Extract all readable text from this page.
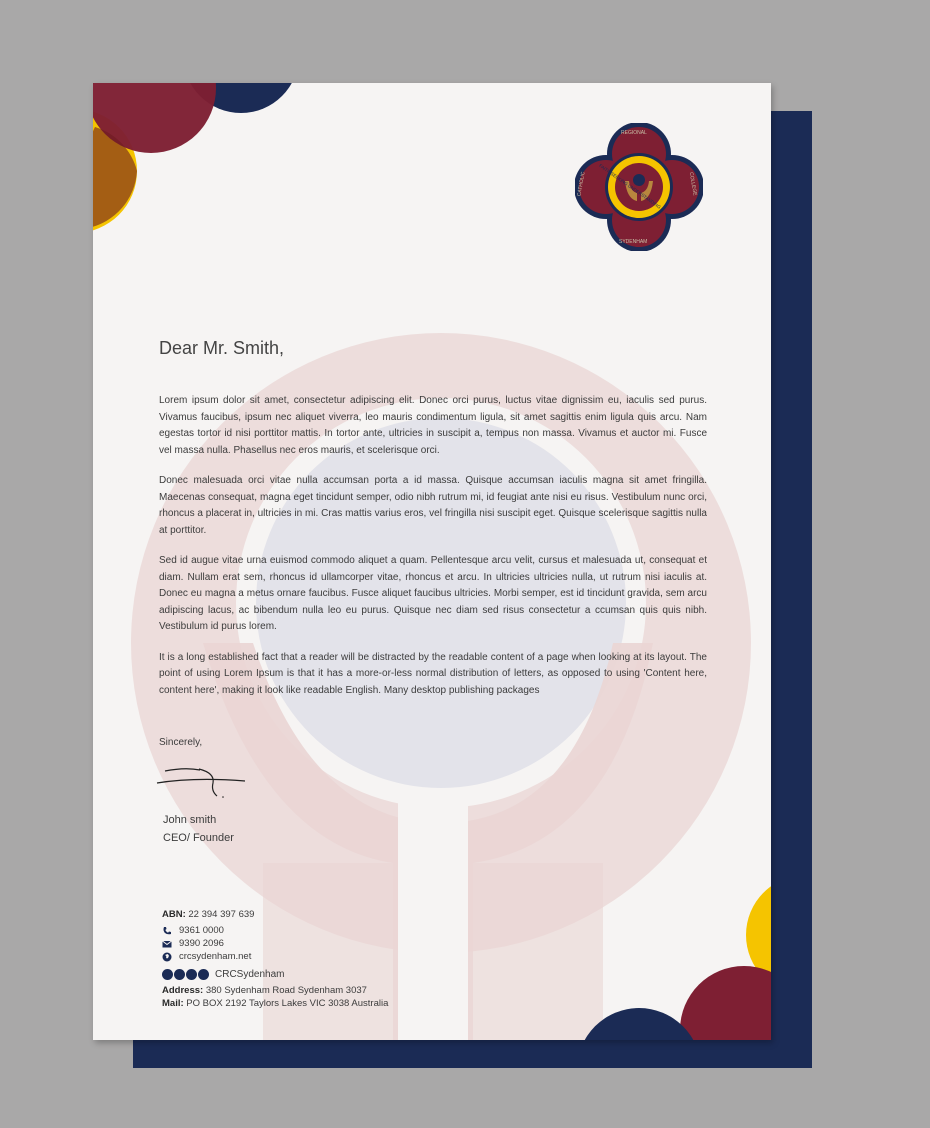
REGIONAL
CATHOLIC	COLLEGE
SYDENHAM
FAITH SEEKING UNDERSTANDING
Dear Mr. Smith,

Lorem ipsum dolor sit amet, consectetur adipiscing elit. Donec orci purus, luctus vitae dignissim eu, iaculis sed purus. Vivamus faucibus, ipsum nec aliquet viverra, leo mauris condimentum ligula, sit amet sagittis enim ligula quis arcu. Nam egestas tortor id nisi porttitor mattis. In tortor ante, ultricies in suscipit a, tempus non massa. Vivamus et auctor mi. Fusce vel massa nulla. Phasellus nec eros mauris, et scelerisque orci.

Donec malesuada orci vitae nulla accumsan porta a id massa. Quisque accumsan iaculis magna sit amet fringilla. Maecenas consequat, magna eget tincidunt semper, odio nibh rutrum mi, id feugiat ante nisi eu risus. Vestibulum nunc orci, rhoncus a placerat in, ultricies in mi. Cras mattis varius eros, vel fringilla nisi suscipit eget. Quisque scelerisque sagittis nulla at porttitor.

Sed id augue vitae urna euismod commodo aliquet a quam. Pellentesque arcu velit, cursus et malesuada ut, consequat et diam. Nullam erat sem, rhoncus id ullamcorper vitae, rhoncus et arcu. In ultricies ultricies nulla, ut rutrum nisi iaculis at. Donec eu magna a metus ornare faucibus. Fusce aliquet faucibus ultricies. Morbi semper, est id tincidunt gravida, sem arcu adipiscing lacus, ac bibendum nulla leo eu purus. Quisque nec diam sed risus consectetur a ccumsan quis quis nibh. Vestibulum id purus lorem.

It is a long established fact that a reader will be distracted by the readable content of a page when looking at its layout. The point of using Lorem Ipsum is that it has a more-or-less normal distribution of letters, as opposed to using 'Content here, content here', making it look like readable English. Many desktop publishing packages

Sincerely,
John smith
CEO/ Founder
ABN:
22 394 397 639
9361 0000
9390 2096
crcsydenham.net
CRCSydenham
Address:
380 Sydenham Road Sydenham 3037
Mail:
PO BOX 2192 Taylors Lakes VIC 3038 Australia
